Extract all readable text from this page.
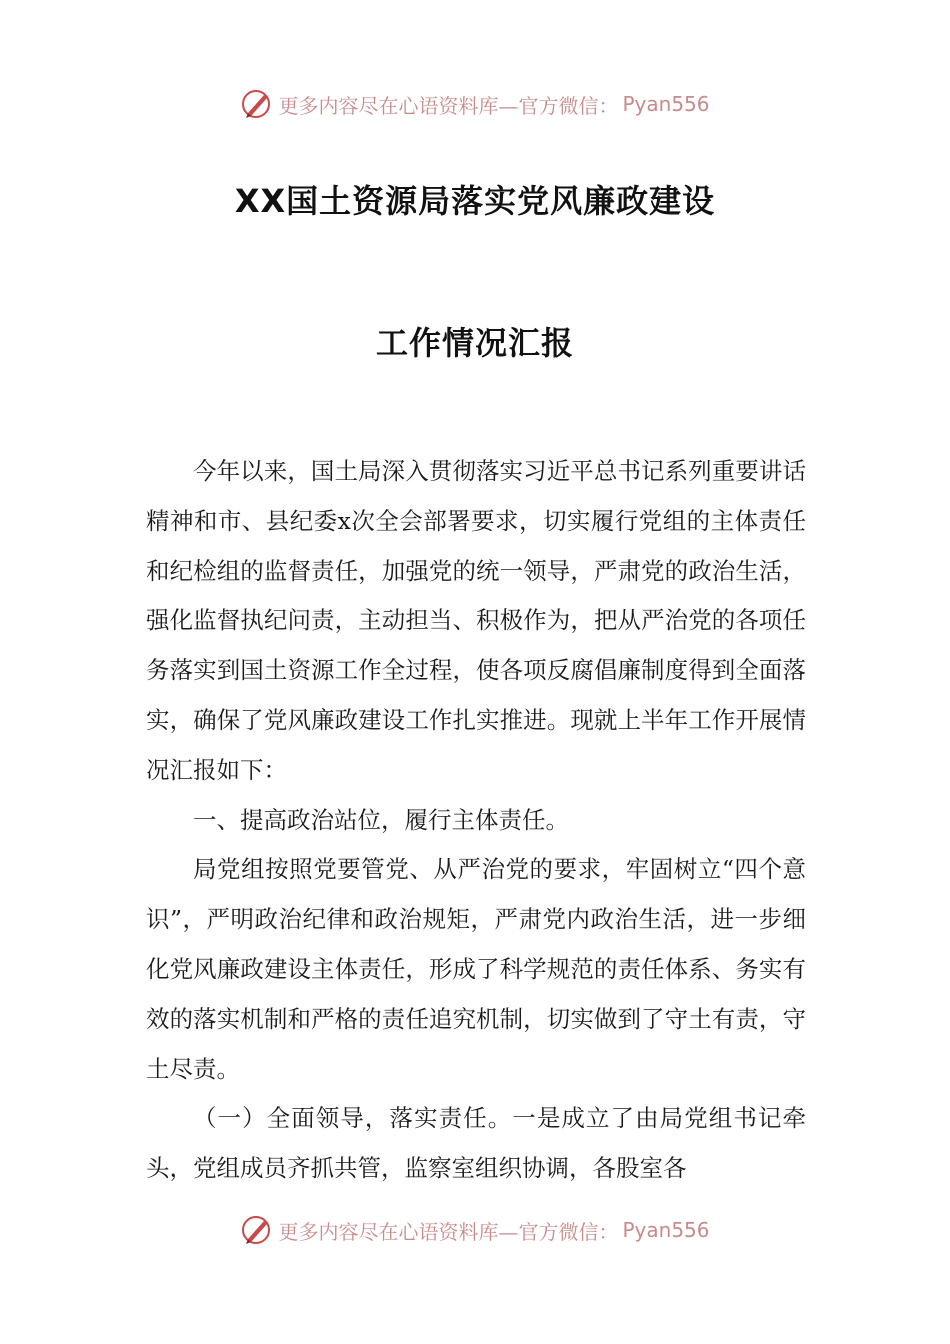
更多内容尽在心语资料库—官方微信： Pyan556
XX国土资源局落实党风廉政建设
工作情况汇报

今年以来，国土局深入贯彻落实习近平总书记系列重要讲话精神和市、县纪委x次全会部署要求，切实履行党组的主体责任和纪检组的监督责任，加强党的统一领导，严肃党的政治生活，强化监督执纪问责，主动担当、积极作为，把从严治党的各项任务落实到国土资源工作全过程，使各项反腐倡廉制度得到全面落实，确保了党风廉政建设工作扎实推进。现就上半年工作开展情况汇报如下：

一、提高政治站位，履行主体责任。

局党组按照党要管党、从严治党的要求，牢固树立“四个意识”，严明政治纪律和政治规矩，严肃党内政治生活，进一步细化党风廉政建设主体责任，形成了科学规范的责任体系、务实有效的落实机制和严格的责任追究机制，切实做到了守土有责，守土尽责。

（一）全面领导，落实责任。一是成立了由局党组书记牵头，党组成员齐抓共管，监察室组织协调，各股室各

更多内容尽在心语资料库—官方微信： Pyan556
